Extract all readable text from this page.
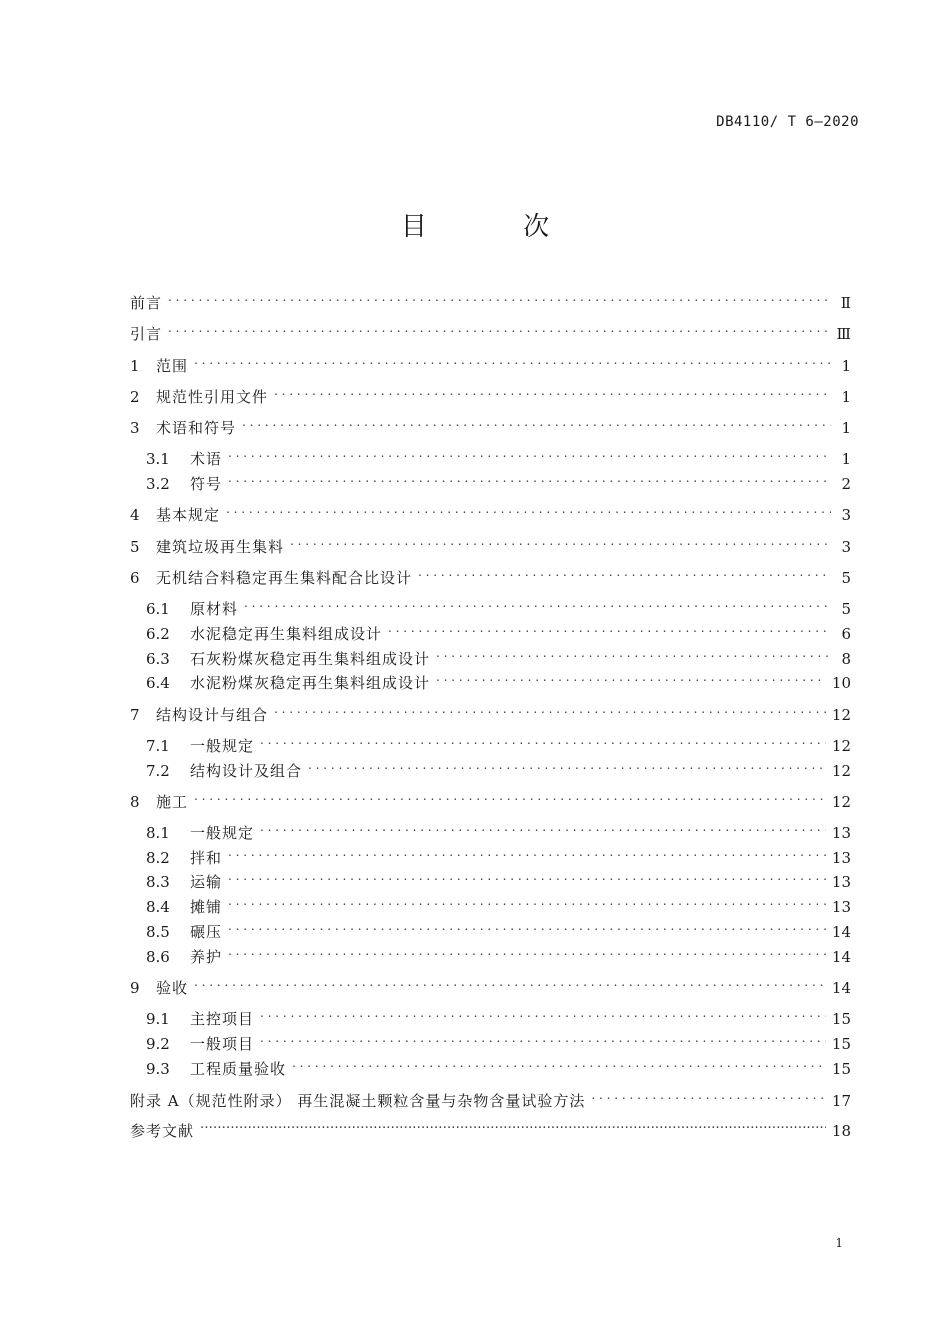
DB4110/ T 6—2020
目 次
前言 . . .	Ⅱ
引言 . . .	Ⅲ
1	范围 . . .	1
2	规范性引用文件 . . .	1
3	术语和符号 . . .	1
3.1	术语 . . .	1
3.2	符号 . . .	2
4	基本规定 . . .	3
5	建筑垃圾再生集料 . . .	3
6	无机结合料稳定再生集料配合比设计 . . .	5
6.1	原材料 . . .	5
6.2	水泥稳定再生集料组成设计 . . .	6
6.3	石灰粉煤灰稳定再生集料组成设计 . . .	8
6.4	水泥粉煤灰稳定再生集料组成设计 . . .	10
7	结构设计与组合 . . .	12
7.1	一般规定 . . .	12
7.2	结构设计及组合 . . .	12
8	施工 . . .	12
8.1	一般规定 . . .	13
8.2	拌和 . . .	13
8.3	运输 . . .	13
8.4	摊铺 . . .	13
8.5	碾压 . . .	14
8.6	养护 . . .	14
9	验收 . . .	14
9.1	主控项目 . . .	15
9.2	一般项目 . . .	15
9.3	工程质量验收 . . .	15
附录 A（规范性附录） 再生混凝土颗粒含量与杂物含量试验方法 . . .	17
参考文献 .....	18
1
